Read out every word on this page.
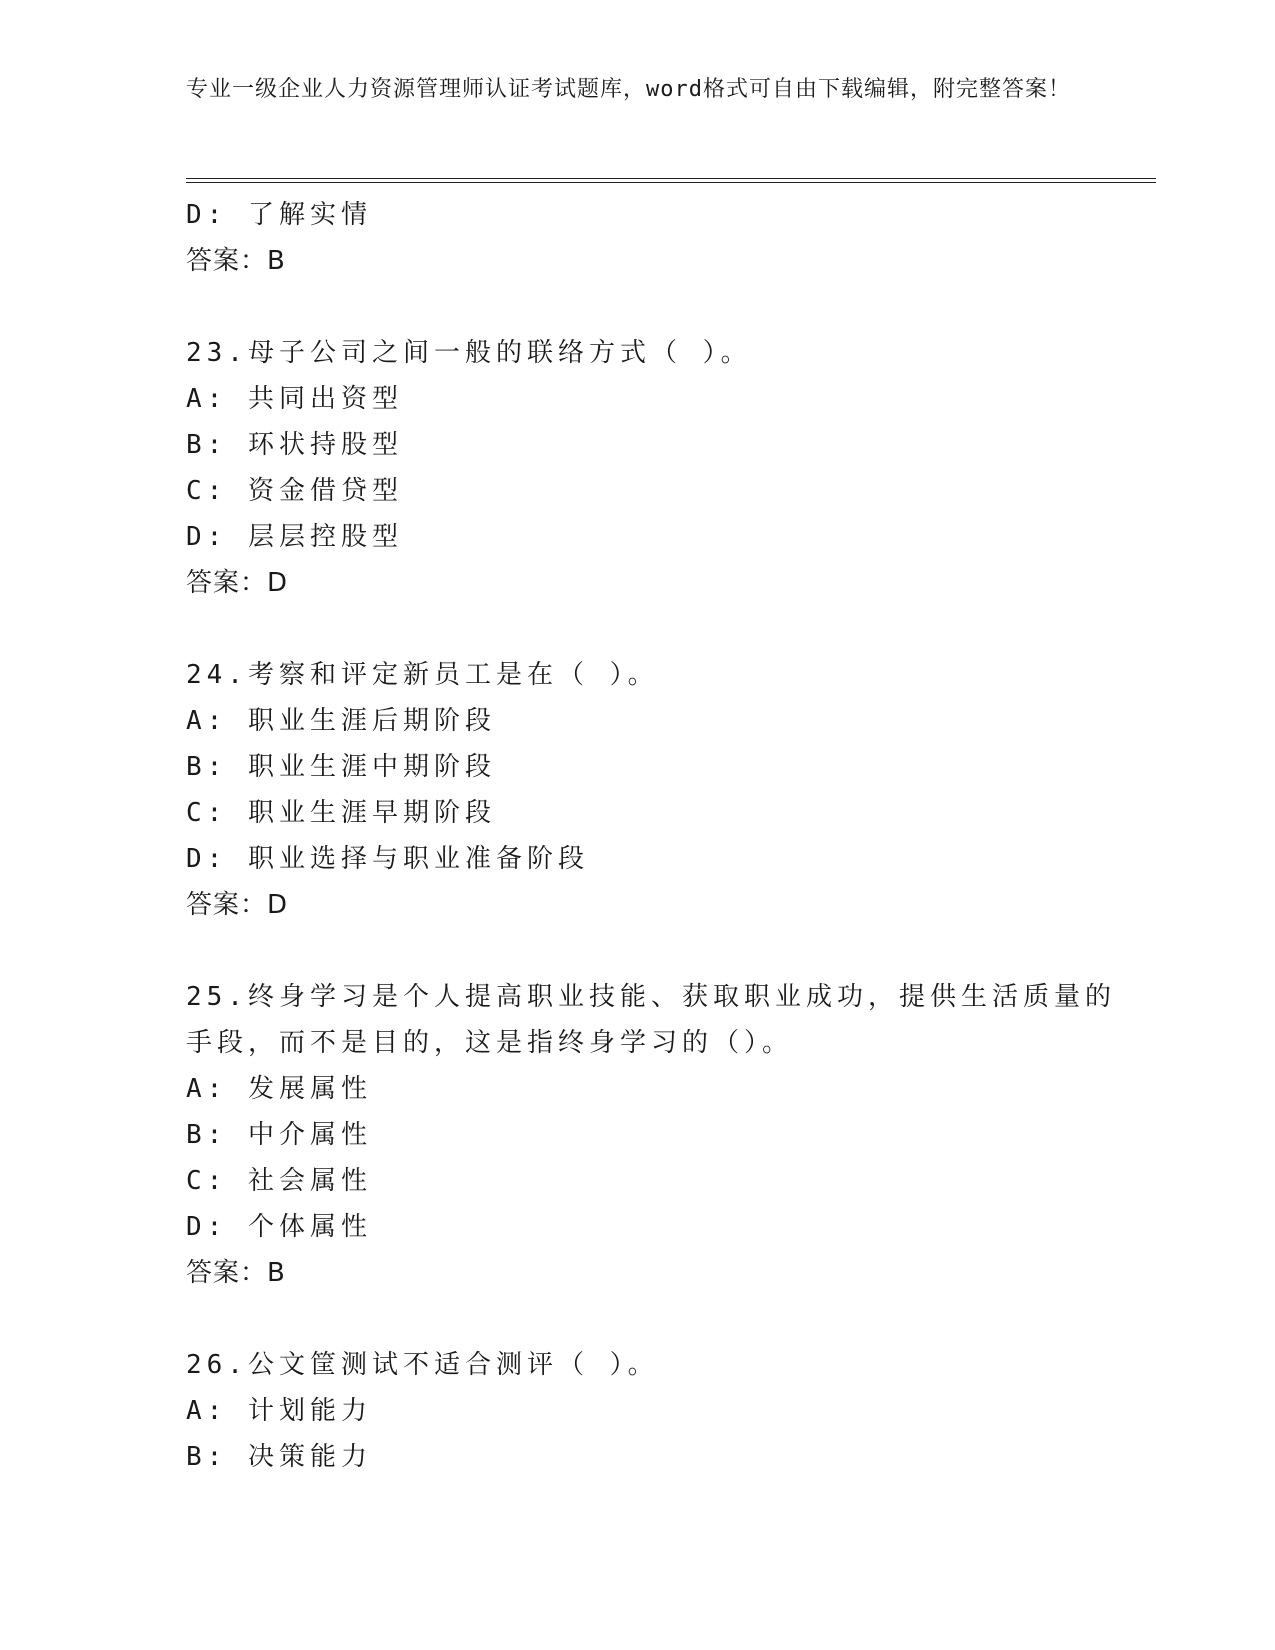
专业一级企业人力资源管理师认证考试题库，word格式可自由下载编辑，附完整答案！
D: 了解实情
答案：B
23.母子公司之间一般的联络方式（ ）。
A: 共同出资型
B: 环状持股型
C: 资金借贷型
D: 层层控股型
答案：D
24.考察和评定新员工是在（ ）。
A: 职业生涯后期阶段
B: 职业生涯中期阶段
C: 职业生涯早期阶段
D: 职业选择与职业准备阶段
答案：D
25.终身学习是个人提高职业技能、获取职业成功，提供生活质量的手段，而不是目的，这是指终身学习的（）。
A: 发展属性
B: 中介属性
C: 社会属性
D: 个体属性
答案：B
26.公文筐测试不适合测评（ ）。
A: 计划能力
B: 决策能力
